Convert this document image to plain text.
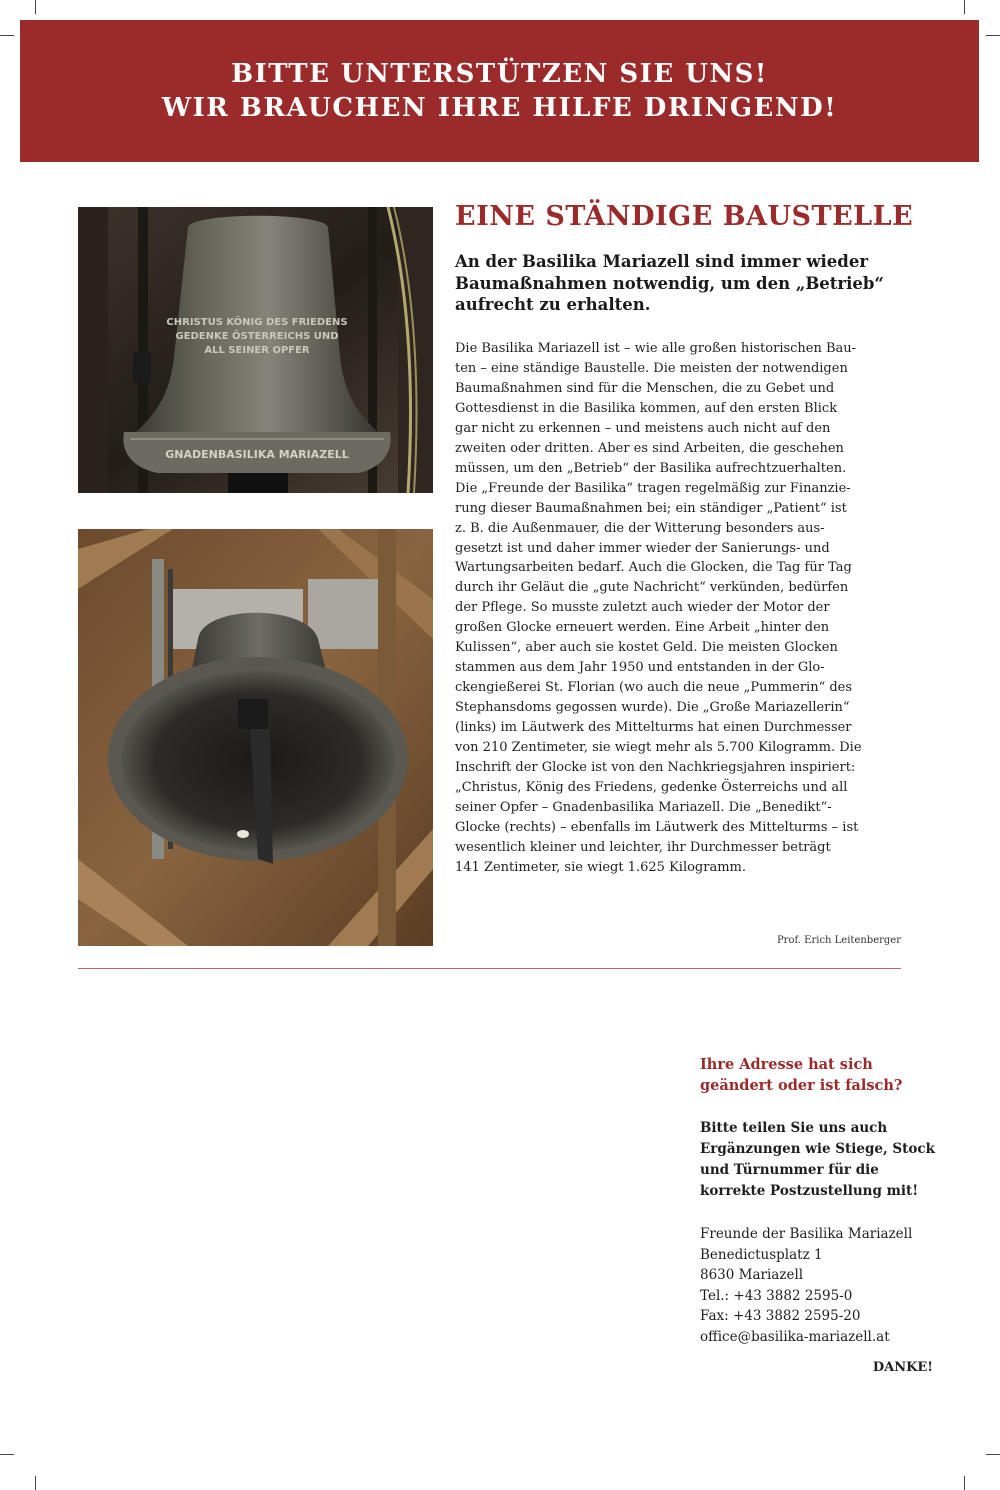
BITTE UNTERSTÜTZEN SIE UNS!
WIR BRAUCHEN IHRE HILFE DRINGEND!
CHRISTUS KÖNIG DES FRIEDENS
GEDENKE ÖSTERREICHS UND
ALL SEINER OPFER
GNADENBASILIKA MARIAZELL
EINE STÄNDIGE BAUSTELLE
An der Basilika Mariazell sind immer wieder
Baumaßnahmen notwendig, um den „Betrieb“
aufrecht zu erhalten.
Die Basilika Mariazell ist – wie alle großen historischen Bau-
ten – eine ständige Baustelle. Die meisten der notwendigen
Baumaßnahmen sind für die Menschen, die zu Gebet und
Gottesdienst in die Basilika kommen, auf den ersten Blick
gar nicht zu erkennen – und meistens auch nicht auf den
zweiten oder dritten. Aber es sind Arbeiten, die geschehen
müssen, um den „Betrieb“ der Basilika aufrechtzuerhalten.
Die „Freunde der Basilika“ tragen regelmäßig zur Finanzie-
rung dieser Baumaßnahmen bei; ein ständiger „Patient“ ist
z. B. die Außenmauer, die der Witterung besonders aus-
gesetzt ist und daher immer wieder der Sanierungs- und
Wartungsarbeiten bedarf. Auch die Glocken, die Tag für Tag
durch ihr Geläut die „gute Nachricht“ verkünden, bedürfen
der Pflege. So musste zuletzt auch wieder der Motor der
großen Glocke erneuert werden. Eine Arbeit „hinter den
Kulissen“, aber auch sie kostet Geld. Die meisten Glocken
stammen aus dem Jahr 1950 und entstanden in der Glo-
ckengießerei St. Florian (wo auch die neue „Pummerin“ des
Stephansdoms gegossen wurde). Die „Große Mariazellerin“
(links) im Läutwerk des Mittelturms hat einen Durchmesser
von 210 Zentimeter, sie wiegt mehr als 5.700 Kilogramm. Die
Inschrift der Glocke ist von den Nachkriegsjahren inspiriert:
„Christus, König des Friedens, gedenke Österreichs und all
seiner Opfer – Gnadenbasilika Mariazell. Die „Benedikt“-
Glocke (rechts) – ebenfalls im Läutwerk des Mittelturms – ist
wesentlich kleiner und leichter, ihr Durchmesser beträgt
141 Zentimeter, sie wiegt 1.625 Kilogramm.
Prof. Erich Leitenberger
Ihre Adresse hat sich
geändert oder ist falsch?
Bitte teilen Sie uns auch
Ergänzungen wie Stiege, Stock
und Türnummer für die
korrekte Postzustellung mit!
Freunde der Basilika Mariazell
Benedictusplatz 1
8630 Mariazell
Tel.: +43 3882 2595-0
Fax: +43 3882 2595-20
office@basilika-mariazell.at
DANKE!
